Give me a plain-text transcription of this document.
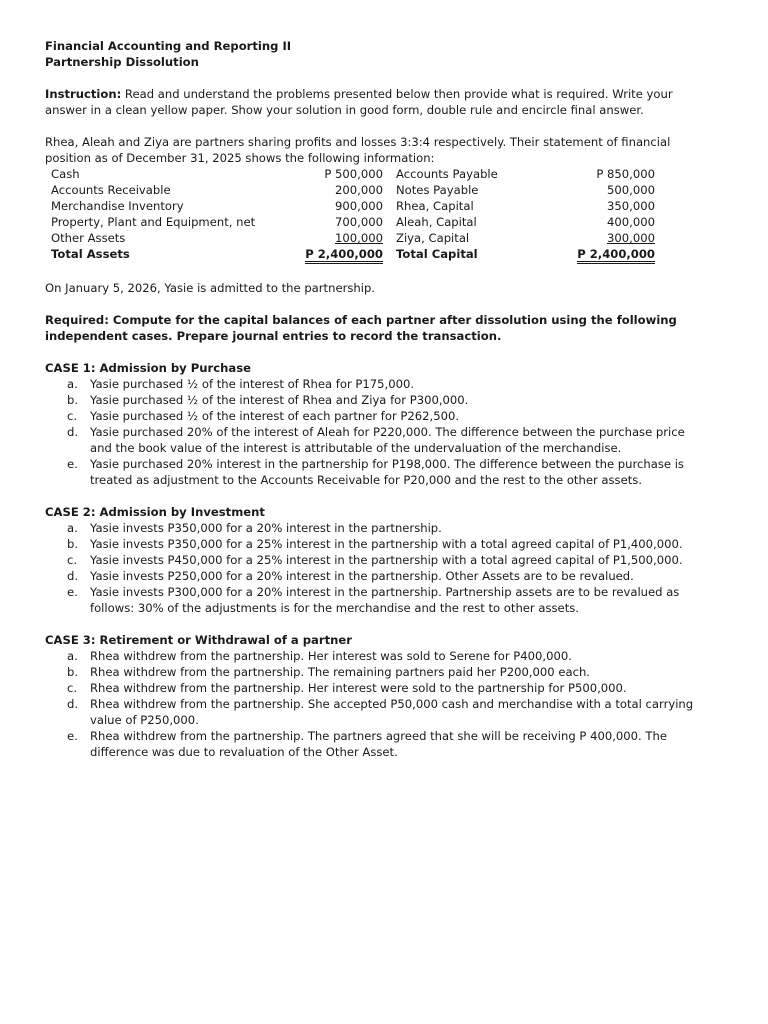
Financial Accounting and Reporting II
Partnership Dissolution
Instruction: Read and understand the problems presented below then provide what is required. Write your
answer in a clean yellow paper. Show your solution in good form, double rule and encircle final answer.
Rhea, Aleah and Ziya are partners sharing profits and losses 3:3:4 respectively. Their statement of financial
position as of December 31, 2025 shows the following information:
Cash	P 500,000	Accounts Payable	P 850,000
Accounts Receivable	200,000	Notes Payable	500,000
Merchandise Inventory	900,000	Rhea, Capital	350,000
Property, Plant and Equipment, net	700,000	Aleah, Capital	400,000
Other Assets	100,000	Ziya, Capital	300,000
Total Assets	P 2,400,000	Total Capital	P 2,400,000
On January 5, 2026, Yasie is admitted to the partnership.
Required: Compute for the capital balances of each partner after dissolution using the following
independent cases. Prepare journal entries to record the transaction.
CASE 1: Admission by Purchase
a. Yasie purchased ½ of the interest of Rhea for P175,000.
b. Yasie purchased ½ of the interest of Rhea and Ziya for P300,000.
c.	Yasie purchased ½ of the interest of each partner for P262,500.
d. Yasie purchased 20% of the interest of Aleah for P220,000. The difference between the purchase price
and the book value of the interest is attributable of the undervaluation of the merchandise.
e. Yasie purchased 20% interest in the partnership for P198,000. The difference between the purchase is
treated as adjustment to the Accounts Receivable for P20,000 and the rest to the other assets.
CASE 2: Admission by Investment
a. Yasie invests P350,000 for a 20% interest in the partnership.
b. Yasie invests P350,000 for a 25% interest in the partnership with a total agreed capital of P1,400,000.
c.	Yasie invests P450,000 for a 25% interest in the partnership with a total agreed capital of P1,500,000.
d. Yasie invests P250,000 for a 20% interest in the partnership. Other Assets are to be revalued.
e. Yasie invests P300,000 for a 20% interest in the partnership. Partnership assets are to be revalued as
follows: 30% of the adjustments is for the merchandise and the rest to other assets.
CASE 3: Retirement or Withdrawal of a partner
a. Rhea withdrew from the partnership. Her interest was sold to Serene for P400,000.
b. Rhea withdrew from the partnership. The remaining partners paid her P200,000 each.
c.	Rhea withdrew from the partnership. Her interest were sold to the partnership for P500,000.
d. Rhea withdrew from the partnership. She accepted P50,000 cash and merchandise with a total carrying
value of P250,000.
e. Rhea withdrew from the partnership. The partners agreed that she will be receiving P 400,000. The
difference was due to revaluation of the Other Asset.
